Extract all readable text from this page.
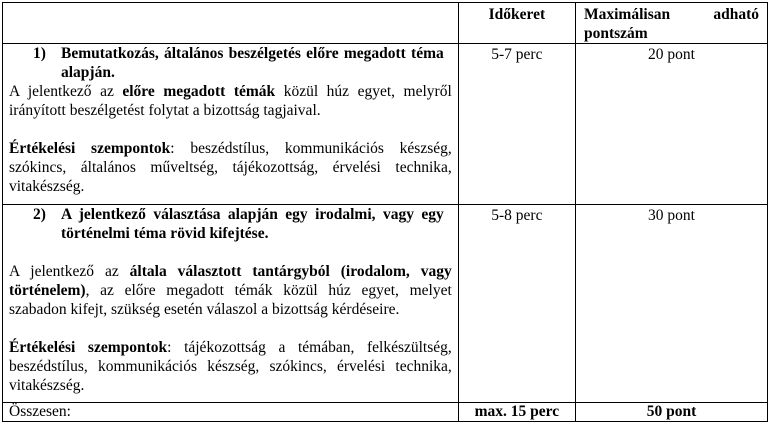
	Időkeret	Maximálisan adható
pontszám

1) Bemutatkozás, általános beszélgetés előre megadott téma alapján.
A jelentkező az előre megadott témák közül húz egyet, melyről irányított beszélgetést folytat a bizottság tagjaival.
Értékelési szempontok: beszédstílus, kommunikációs készség, szókincs, általános műveltség, tájékozottság, érvelési technika, vitakészség.	5-7 perc	20 pont

2) A jelentkező választása alapján egy irodalmi, vagy egy történelmi téma rövid kifejtése.
A jelentkező az általa választott tantárgyból (irodalom, vagy történelem), az előre megadott témák közül húz egyet, melyet szabadon kifejt, szükség esetén válaszol a bizottság kérdéseire.
Értékelési szempontok: tájékozottság a témában, felkészültség, beszédstílus, kommunikációs készség, szókincs, érvelési technika, vitakészség.	5-8 perc	30 pont
Összesen:	max. 15 perc	50 pont
